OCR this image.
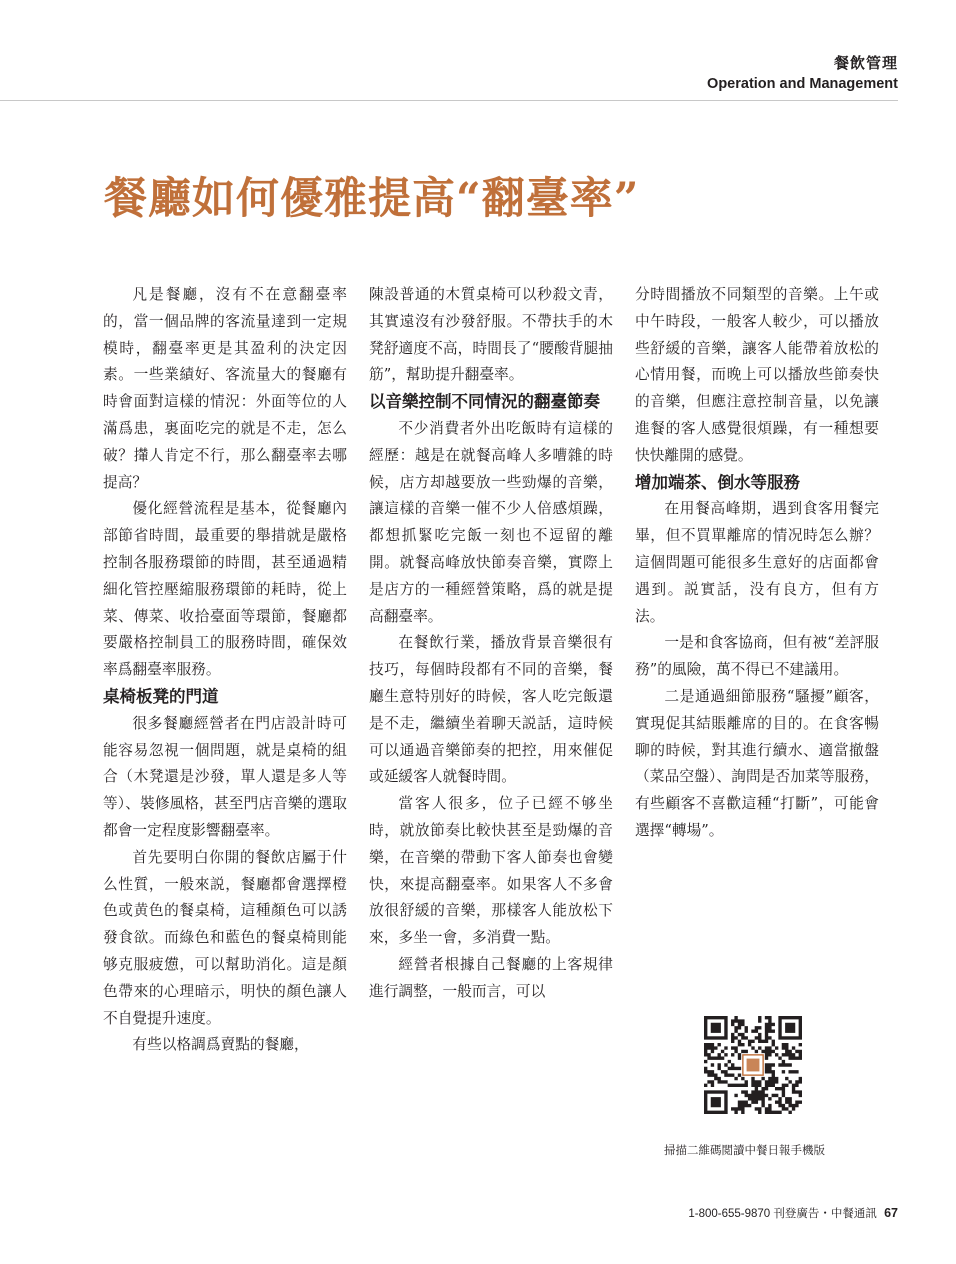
餐飲管理
Operation and Management
餐廳如何優雅提高“翻臺率”

凡是餐廳，沒有不在意翻臺率的，當一個品牌的客流量達到一定規模時，翻臺率更是其盈利的決定因素。一些業績好、客流量大的餐廳有時會面對這樣的情況：外面等位的人滿爲患，裏面吃完的就是不走，怎么破？攆人肯定不行，那么翻臺率去哪提高？

優化經營流程是基本，從餐廳內部節省時間，最重要的舉措就是嚴格控制各服務環節的時間，甚至通過精細化管控壓縮服務環節的耗時，從上菜、傳菜、收拾臺面等環節，餐廳都要嚴格控制員工的服務時間，確保效率爲翻臺率服務。

桌椅板凳的門道

很多餐廳經營者在門店設計時可能容易忽視一個問題，就是桌椅的組合（木凳還是沙發，單人還是多人等等）、裝修風格，甚至門店音樂的選取都會一定程度影響翻臺率。

首先要明白你開的餐飲店屬于什么性質，一般來説，餐廳都會選擇橙色或黄色的餐桌椅，這種顏色可以誘發食欲。而綠色和藍色的餐桌椅則能够克服疲憊，可以幫助消化。這是顏色帶來的心理暗示，明快的顏色讓人不自覺提升速度。

有些以格調爲賣點的餐廳，

陳設普通的木質桌椅可以秒殺文青，其實遠沒有沙發舒服。不帶扶手的木凳舒適度不高，時間長了“腰酸背腿抽筋”，幫助提升翻臺率。

以音樂控制不同情況的翻臺節奏

不少消費者外出吃飯時有這樣的經歷：越是在就餐高峰人多嘈雜的時候，店方却越要放一些勁爆的音樂，讓這樣的音樂一催不少人倍感煩躁，都想抓緊吃完飯一刻也不逗留的離開。就餐高峰放快節奏音樂，實際上是店方的一種經營策略，爲的就是提高翻臺率。

在餐飲行業，播放背景音樂很有技巧，每個時段都有不同的音樂，餐廳生意特別好的時候，客人吃完飯還是不走，繼續坐着聊天説話，這時候可以通過音樂節奏的把控，用來催促或延緩客人就餐時間。

當客人很多，位子已經不够坐時，就放節奏比較快甚至是勁爆的音樂，在音樂的帶動下客人節奏也會變快，來提高翻臺率。如果客人不多會放很舒緩的音樂，那樣客人能放松下來，多坐一會，多消費一點。

經營者根據自己餐廳的上客規律進行調整，一般而言，可以

分時間播放不同類型的音樂。上午或中午時段，一般客人較少，可以播放些舒緩的音樂，讓客人能帶着放松的心情用餐，而晚上可以播放些節奏快的音樂，但應注意控制音量，以免讓進餐的客人感覺很煩躁，有一種想要快快離開的感覺。

增加端茶、倒水等服務

在用餐高峰期，遇到食客用餐完畢，但不買單離席的情况時怎么辦？這個問題可能很多生意好的店面都會遇到。説實話，没有良方，但有方法。

一是和食客協商，但有被“差評服務”的風險，萬不得已不建議用。

二是通過細節服務“騷擾”顧客，實現促其結賬離席的目的。在食客暢聊的時候，對其進行續水、適當撤盤（菜品空盤）、詢問是否加菜等服務，有些顧客不喜歡這種“打斷”，可能會選擇“轉場”。

掃描二維碼閲讀中餐日報手機版
1-800-655-9870 刊登廣告・中餐通訊 67
